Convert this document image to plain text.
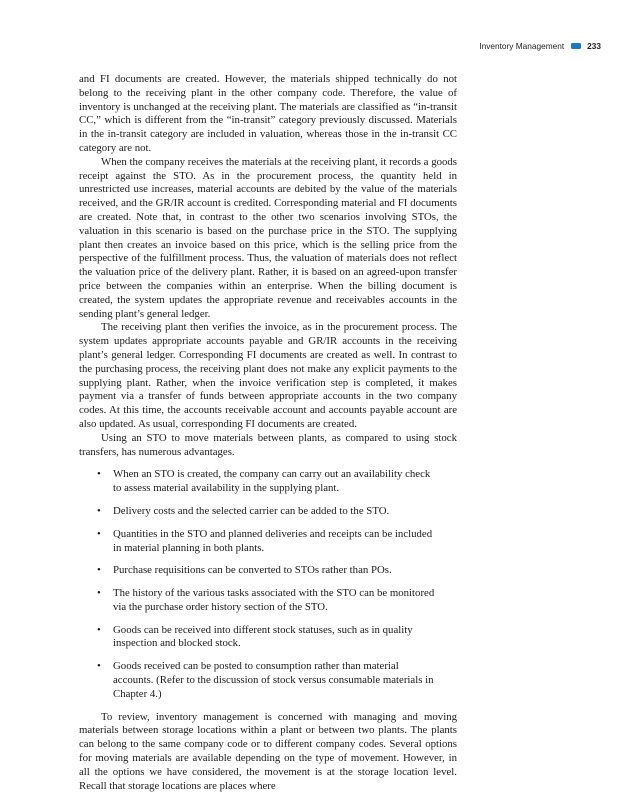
Inventory Management	233

and FI documents are created. However, the materials shipped technically do not belong to the receiving plant in the other company code. Therefore, the value of inventory is unchanged at the receiving plant. The materials are classified as “in-transit CC,” which is different from the “in-transit” category previously discussed. Materials in the in-transit category are included in valuation, whereas those in the in-transit CC category are not.

When the company receives the materials at the receiving plant, it records a goods receipt against the STO. As in the procurement process, the quantity held in unrestricted use increases, material accounts are debited by the value of the materials received, and the GR/IR account is credited. Corresponding material and FI documents are created. Note that, in contrast to the other two scenarios involving STOs, the valuation in this scenario is based on the purchase price in the STO. The supplying plant then creates an invoice based on this price, which is the selling price from the perspective of the fulfillment process. Thus, the valuation of materials does not reflect the valuation price of the delivery plant. Rather, it is based on an agreed-upon transfer price between the companies within an enterprise. When the billing document is created, the system updates the appropriate revenue and receivables accounts in the sending plant’s general ledger.

The receiving plant then verifies the invoice, as in the procurement process. The system updates appropriate accounts payable and GR/IR accounts in the receiving plant’s general ledger. Corresponding FI documents are created as well. In contrast to the purchasing process, the receiving plant does not make any explicit payments to the supplying plant. Rather, when the invoice verification step is completed, it makes payment via a transfer of funds between appropriate accounts in the two company codes. At this time, the accounts receivable account and accounts payable account are also updated. As usual, corresponding FI documents are created.

Using an STO to move materials between plants, as compared to using stock transfers, has numerous advantages.

• When an STO is created, the company can carry out an availability check to assess material availability in the supplying plant.
• Delivery costs and the selected carrier can be added to the STO.
• Quantities in the STO and planned deliveries and receipts can be included in material planning in both plants.
• Purchase requisitions can be converted to STOs rather than POs.
• The history of the various tasks associated with the STO can be monitored via the purchase order history section of the STO.
• Goods can be received into different stock statuses, such as in quality inspection and blocked stock.
• Goods received can be posted to consumption rather than material accounts. (Refer to the discussion of stock versus consumable materials in Chapter 4.)

To review, inventory management is concerned with managing and moving materials between storage locations within a plant or between two plants. The plants can belong to the same company code or to different company codes. Several options for moving materials are available depending on the type of movement. However, in all the options we have considered, the movement is at the storage location level. Recall that storage locations are places where
